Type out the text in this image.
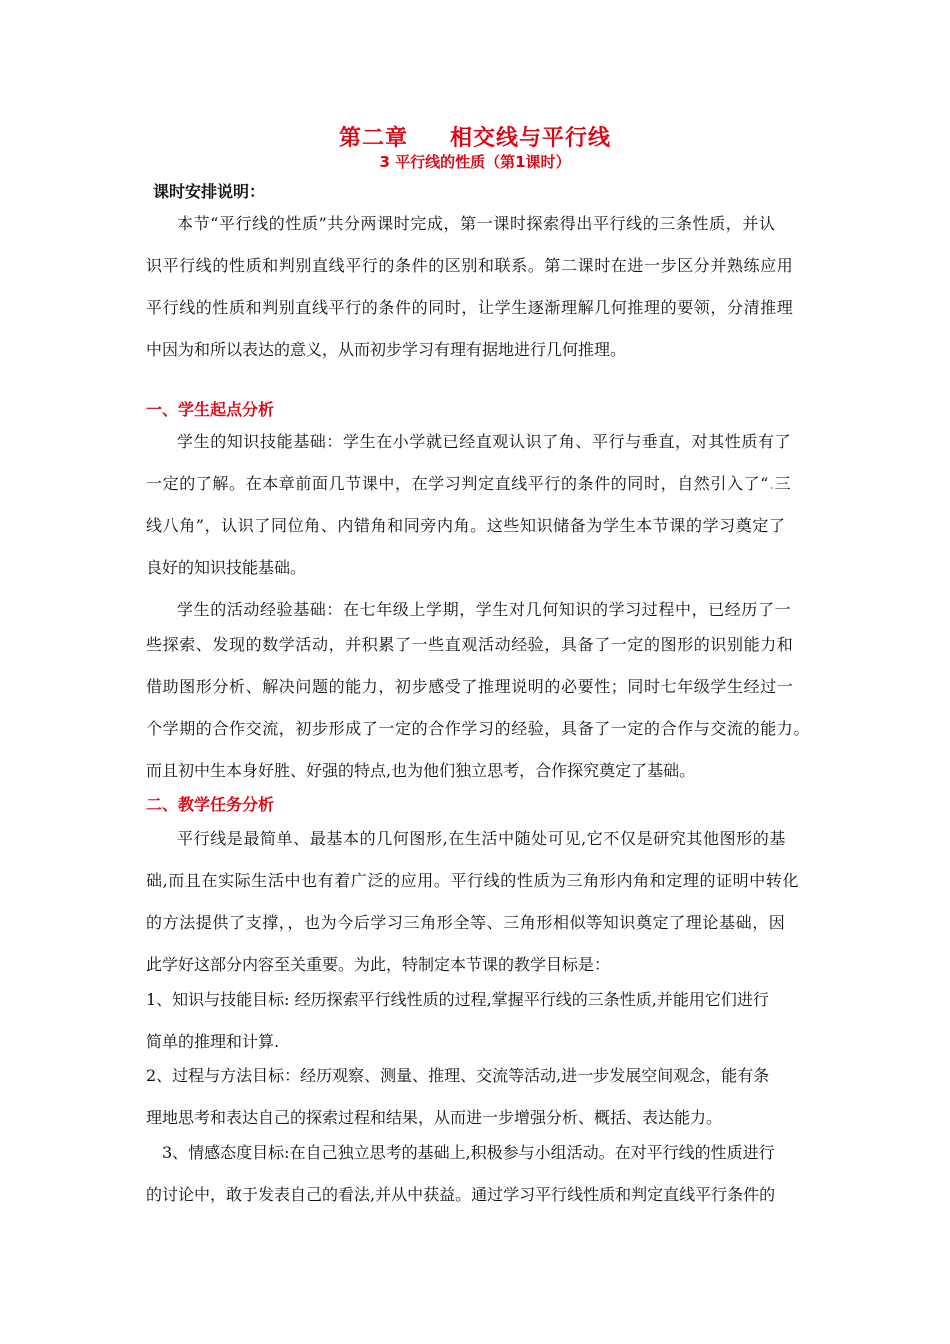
第二章 相交线与平行线
3 平行线的性质（第1课时）
课时安排说明：
本节“平行线的性质”共分两课时完成，第一课时探索得出平行线的三条性质，并认
识平行线的性质和判别直线平行的条件的区别和联系。第二课时在进一步区分并熟练应用
平行线的性质和判别直线平行的条件的同时，让学生逐渐理解几何推理的要领，分清推理
中因为和所以表达的意义，从而初步学习有理有据地进行几何推理。
一、学生起点分析
学生的知识技能基础：学生在小学就已经直观认识了角、平行与垂直，对其性质有了
一定的了解。在本章前面几节课中，在学习判定直线平行的条件的同时，自然引入了“.三
线八角”，认识了同位角、内错角和同旁内角。这些知识储备为学生本节课的学习奠定了
良好的知识技能基础。
学生的活动经验基础：在七年级上学期，学生对几何知识的学习过程中，已经历了一
些探索、发现的数学活动，并积累了一些直观活动经验，具备了一定的图形的识别能力和
借助图形分析、解决问题的能力，初步感受了推理说明的必要性；同时七年级学生经过一
个学期的合作交流，初步形成了一定的合作学习的经验，具备了一定的合作与交流的能力。
而且初中生本身好胜、好强的特点,也为他们独立思考，合作探究奠定了基础。
二、教学任务分析
平行线是最简单、最基本的几何图形,在生活中随处可见,它不仅是研究其他图形的基
础,而且在实际生活中也有着广泛的应用。平行线的性质为三角形内角和定理的证明中转化
的方法提供了支撑，，也为今后学习三角形全等、三角形相似等知识奠定了理论基础，因
此学好这部分内容至关重要。为此，特制定本节课的教学目标是：
1、知识与技能目标: 经历探索平行线性质的过程,掌握平行线的三条性质,并能用它们进行
简单的推理和计算.
2、过程与方法目标：经历观察、测量、推理、交流等活动,进一步发展空间观念，能有条
理地思考和表达自己的探索过程和结果，从而进一步增强分析、概括、表达能力。
3、情感态度目标:在自己独立思考的基础上,积极参与小组活动。在对平行线的性质进行
的讨论中，敢于发表自己的看法,并从中获益。通过学习平行线性质和判定直线平行条件的
